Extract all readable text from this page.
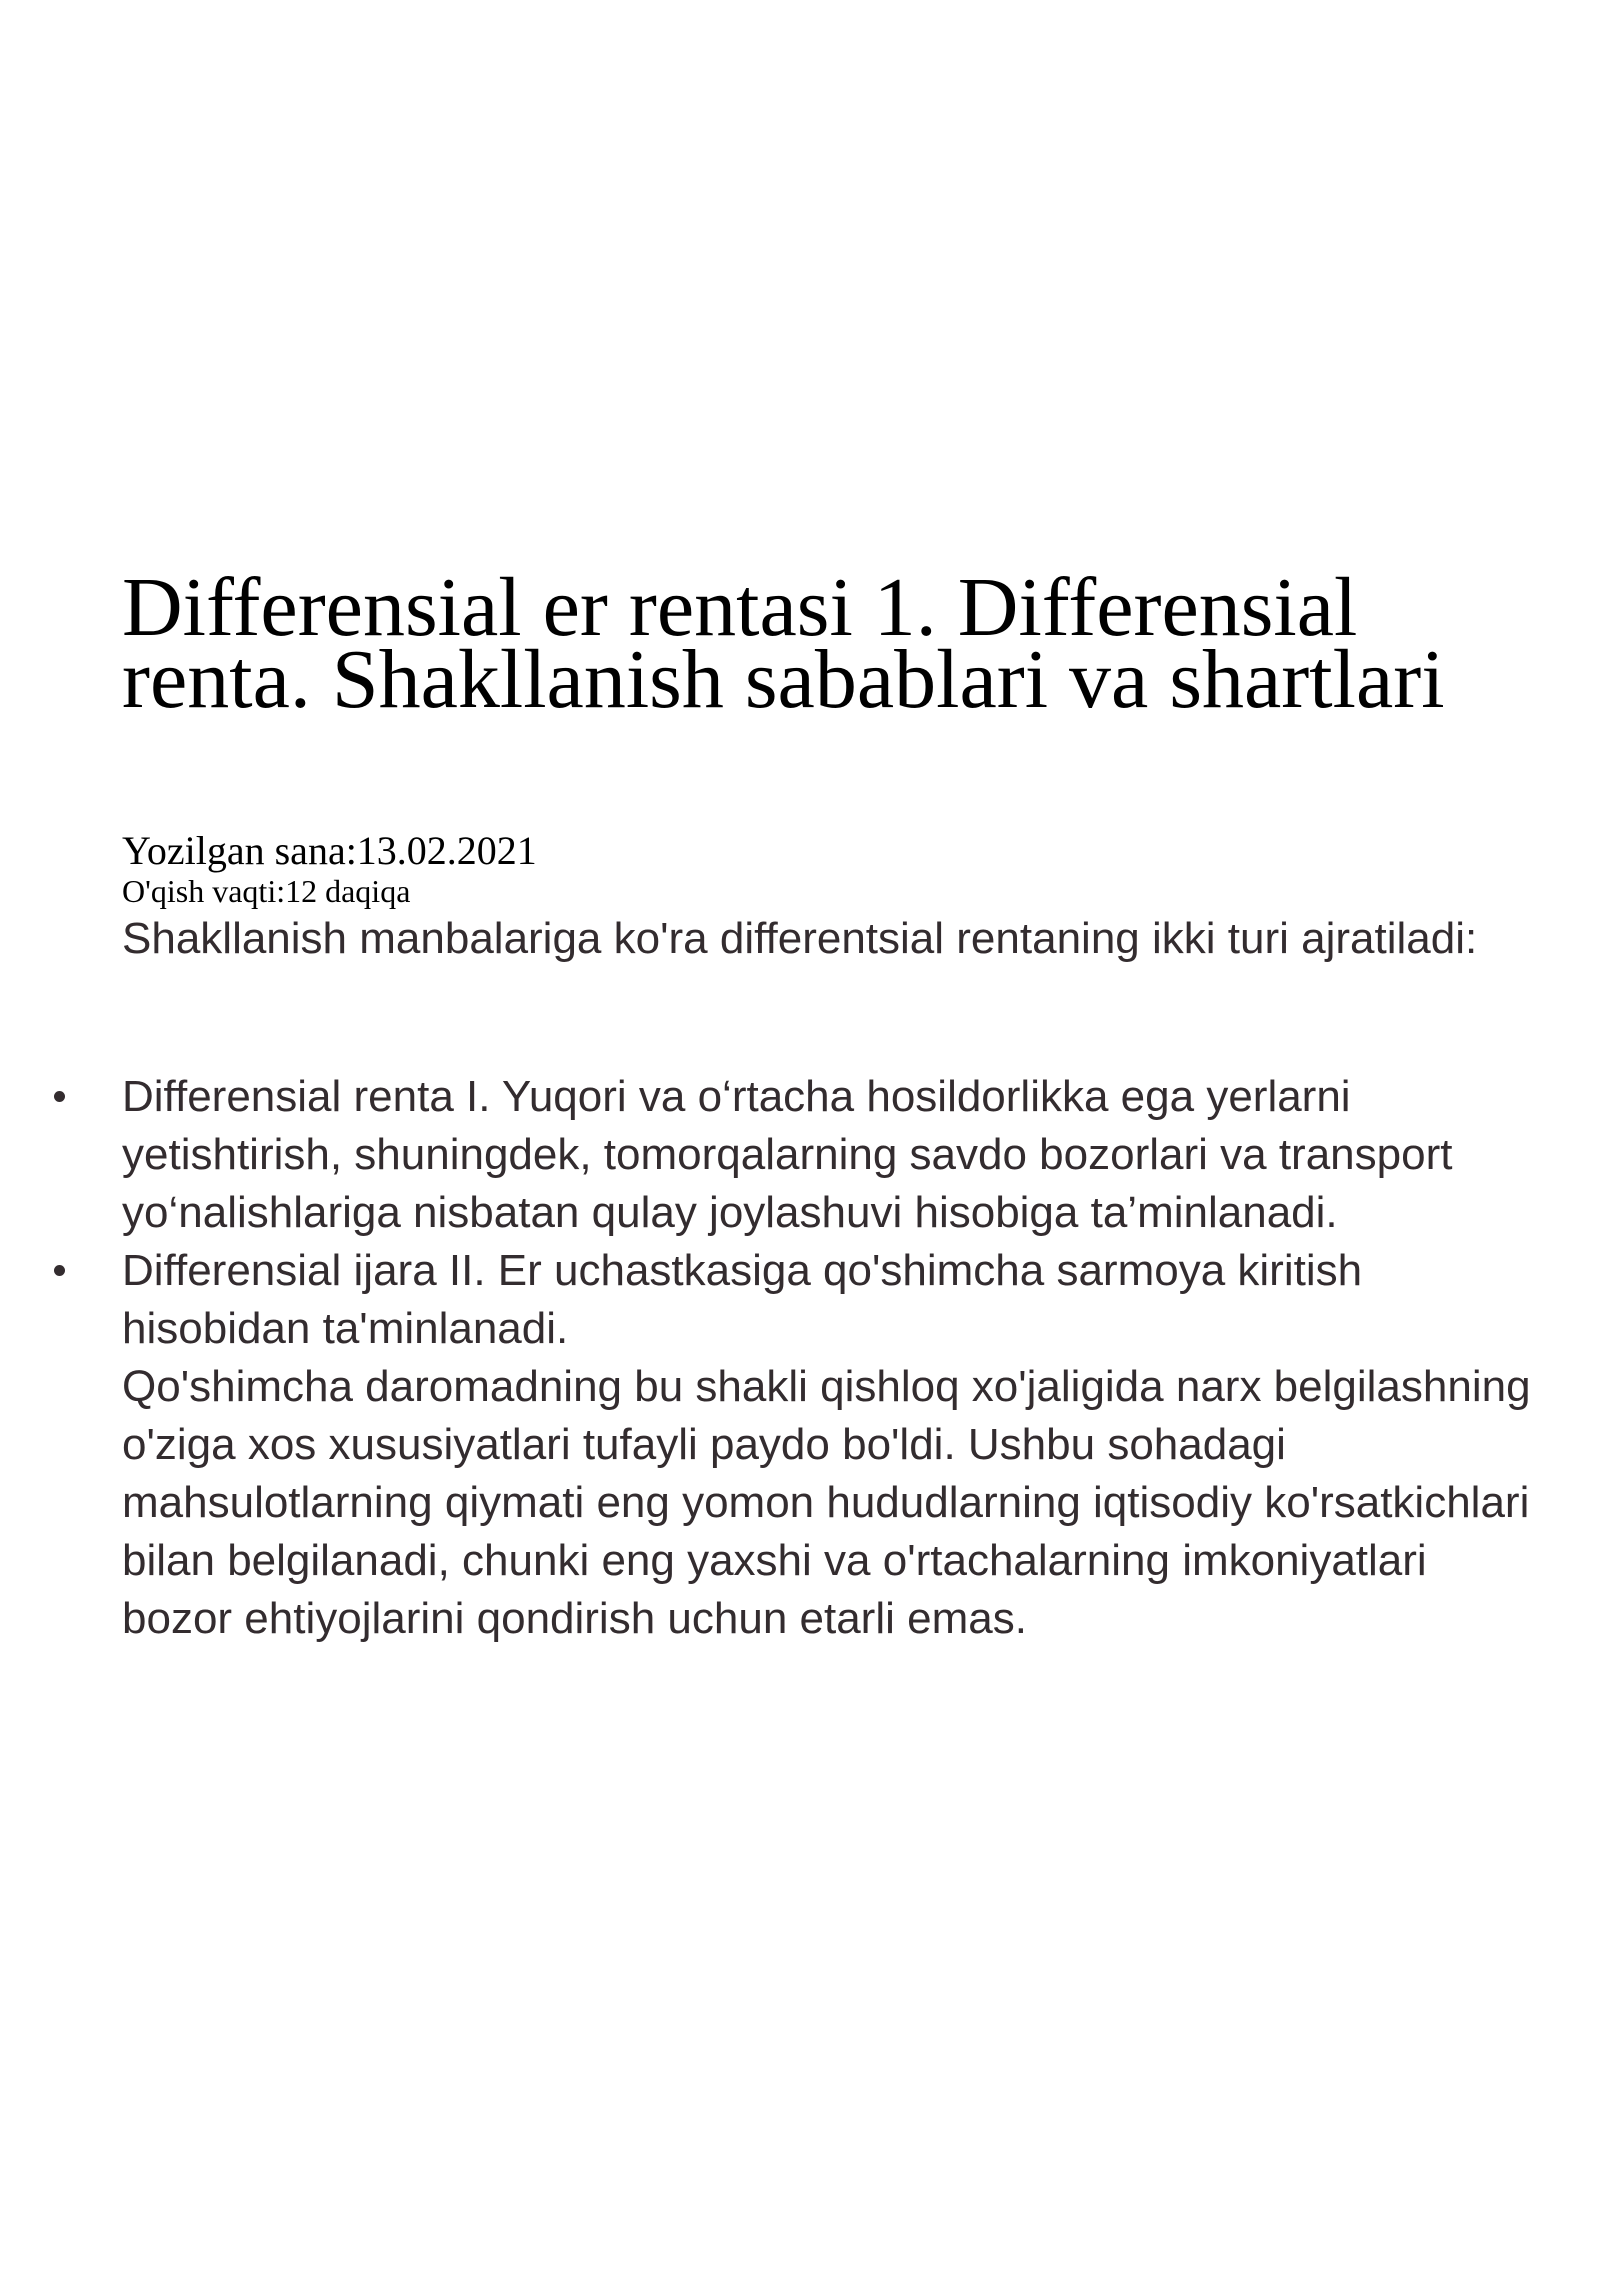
Differensial er rentasi 1. Differensial renta. Shakllanish sabablari va shartlari
Yozilgan sana:13.02.2021
O'qish vaqti:12 daqiqa

Shakllanish manbalariga ko'ra differentsial rentaning ikki turi ajratiladi:

Differensial renta I. Yuqori va o‘rtacha hosildorlikka ega yerlarni yetishtirish, shuningdek, tomorqalarning savdo bozorlari va transport yo‘nalishlariga nisbatan qulay joylashuvi hisobiga ta’minlanadi.
Differensial ijara II. Er uchastkasiga qo'shimcha sarmoya kiritish hisobidan ta'minlanadi.

Qo'shimcha daromadning bu shakli qishloq xo'jaligida narx belgilashning o'ziga xos xususiyatlari tufayli paydo bo'ldi. Ushbu sohadagi mahsulotlarning qiymati eng yomon hududlarning iqtisodiy ko'rsatkichlari bilan belgilanadi, chunki eng yaxshi va o'rtachalarning imkoniyatlari bozor ehtiyojlarini qondirish uchun etarli emas.
